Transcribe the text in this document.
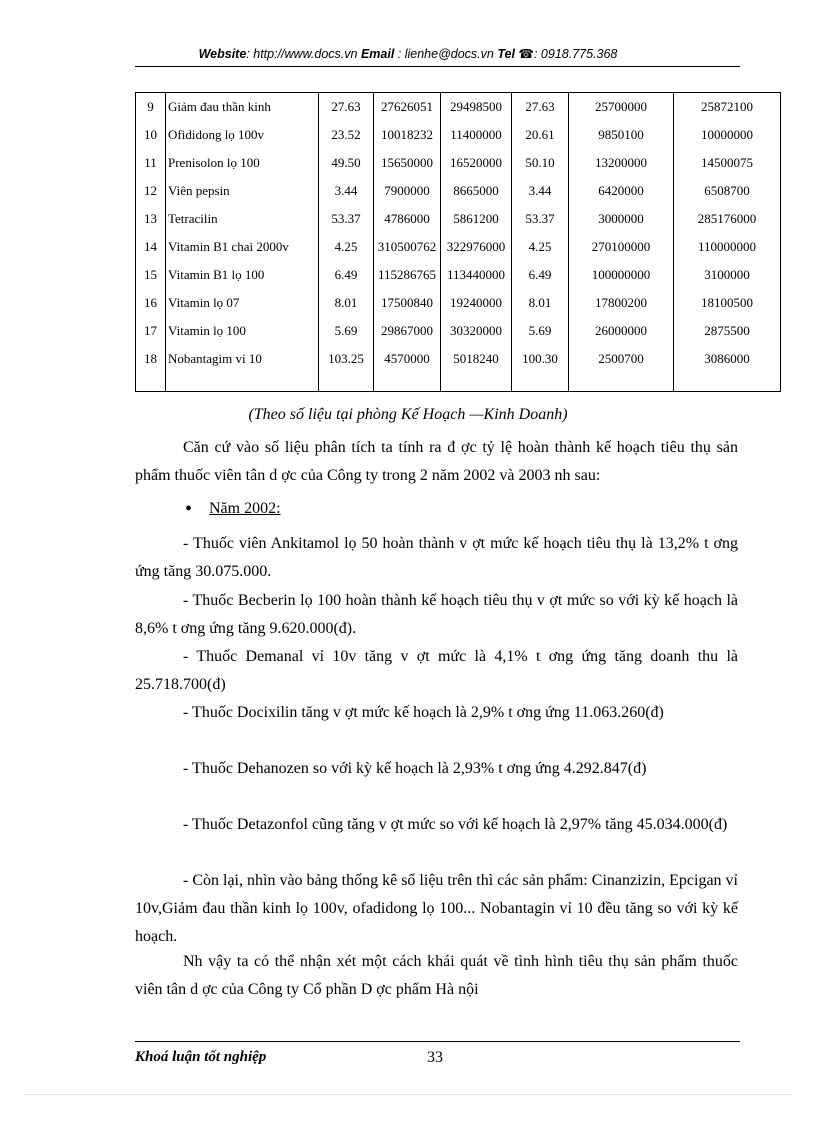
Website: http://www.docs.vn Email : lienhe@docs.vn Tel ☎: 0918.775.368
9	Giảm đau thần kinh	27.63	27626051	29498500	27.63	25700000	25872100
10	Ofididong lọ 100v	23.52	10018232	11400000	20.61	9850100	10000000
11	Prenisolon lọ 100	49.50	15650000	16520000	50.10	13200000	14500075
12	Viên pepsin	3.44	7900000	8665000	3.44	6420000	6508700
13	Tetracilin	53.37	4786000	5861200	53.37	3000000	285176000
14	Vitamin B1 chai 2000v	4.25	310500762	322976000	4.25	270100000	110000000
15	Vitamin B1 lọ 100	6.49	115286765	113440000	6.49	100000000	3100000
16	Vitamin lọ 07	8.01	17500840	19240000	8.01	17800200	18100500
17	Vitamin lọ 100	5.69	29867000	30320000	5.69	26000000	2875500
18	Nobantagim vỉ 10	103.25	4570000	5018240	100.30	2500700	3086000

(Theo số liệu tại phòng Kế Hoạch —Kinh Doanh)
Căn cứ vào số liệu phân tích ta tính ra đ ợc tỷ lệ hoàn thành kế hoạch tiêu thụ sản phẩm thuốc viên tân d ợc của Công ty trong 2 năm 2002 và 2003 nh sau:
• Năm 2002:
- Thuốc viên Ankitamol lọ 50 hoàn thành v ợt mức kế hoạch tiêu thụ là 13,2% t ơng ứng tăng 30.075.000.
- Thuốc Becberin lọ 100 hoàn thành kế hoạch tiêu thụ v ợt mức so với kỳ kế hoạch là 8,6% t ơng ứng tăng 9.620.000(đ).
- Thuốc Demanal vỉ 10v tăng v ợt mức là 4,1% t ơng ứng tăng doanh thu là 25.718.700(đ)
- Thuốc Docixilin tăng v ợt mức kế hoạch là 2,9% t ơng ứng 11.063.260(đ)
- Thuốc Dehanozen so với kỳ kế hoạch là 2,93% t ơng ứng 4.292.847(đ)
- Thuốc Detazonfol cũng tăng v ợt mức so với kế hoạch là 2,97% tăng 45.034.000(đ)
- Còn lại, nhìn vào bảng thống kê số liệu trên thì các sản phẩm: Cinanzizin, Epcigan vỉ 10v,Giảm đau thần kinh lọ 100v, ofadidong lọ 100... Nobantagin vỉ 10 đều tăng so với kỳ kế hoạch.
Nh vậy ta có thể nhận xét một cách khái quát về tình hình tiêu thụ sản phẩm thuốc viên tân d ợc của Công ty Cổ phần D ợc phẩm Hà nội
Khoá luận tốt nghiệp	33
